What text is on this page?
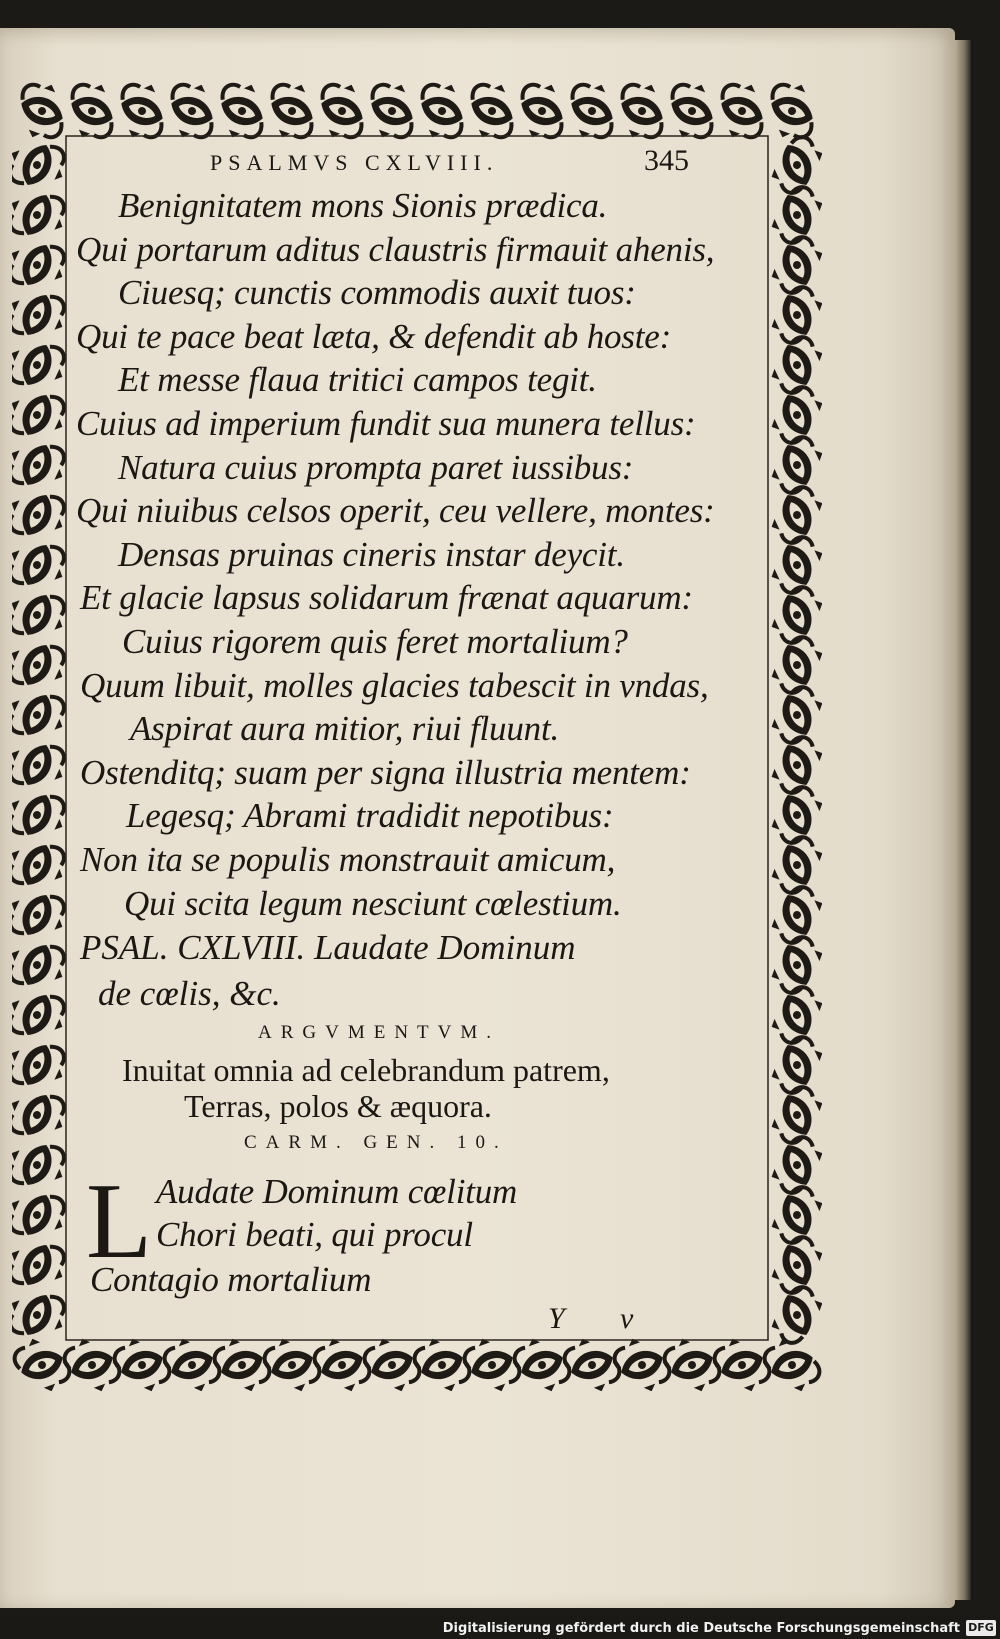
PSALMVS CXLVIII.	345
Benignitatem mons Sionis prædica.
Qui portarum aditus claustris firmauit ahenis,
Ciuesq; cunctis commodis auxit tuos:
Qui te pace beat læta, & defendit ab hoste:
Et messe flaua tritici campos tegit.
Cuius ad imperium fundit sua munera tellus:
Natura cuius prompta paret iussibus:
Qui niuibus celsos operit, ceu vellere, montes:
Densas pruinas cineris instar deycit.
Et glacie lapsus solidarum frænat aquarum:
Cuius rigorem quis feret mortalium?
Quum libuit, molles glacies tabescit in vndas,
Aspirat aura mitior, riui fluunt.
Ostenditq; suam per signa illustria mentem:
Legesq; Abrami tradidit nepotibus:
Non ita se populis monstrauit amicum,
Qui scita legum nesciunt cœlestium.
PSAL. CXLVIII. Laudate Dominum
de cœlis, &c.
ARGVMENTVM.
Inuitat omnia ad celebrandum patrem,
Terras, polos & æquora.
CARM. GEN. 10.
L Audate Dominum cœlitum
Chori beati, qui procul
Contagio mortalium
Y v
Digitalisierung gefördert durch die Deutsche Forschungsgemeinschaft DFG
